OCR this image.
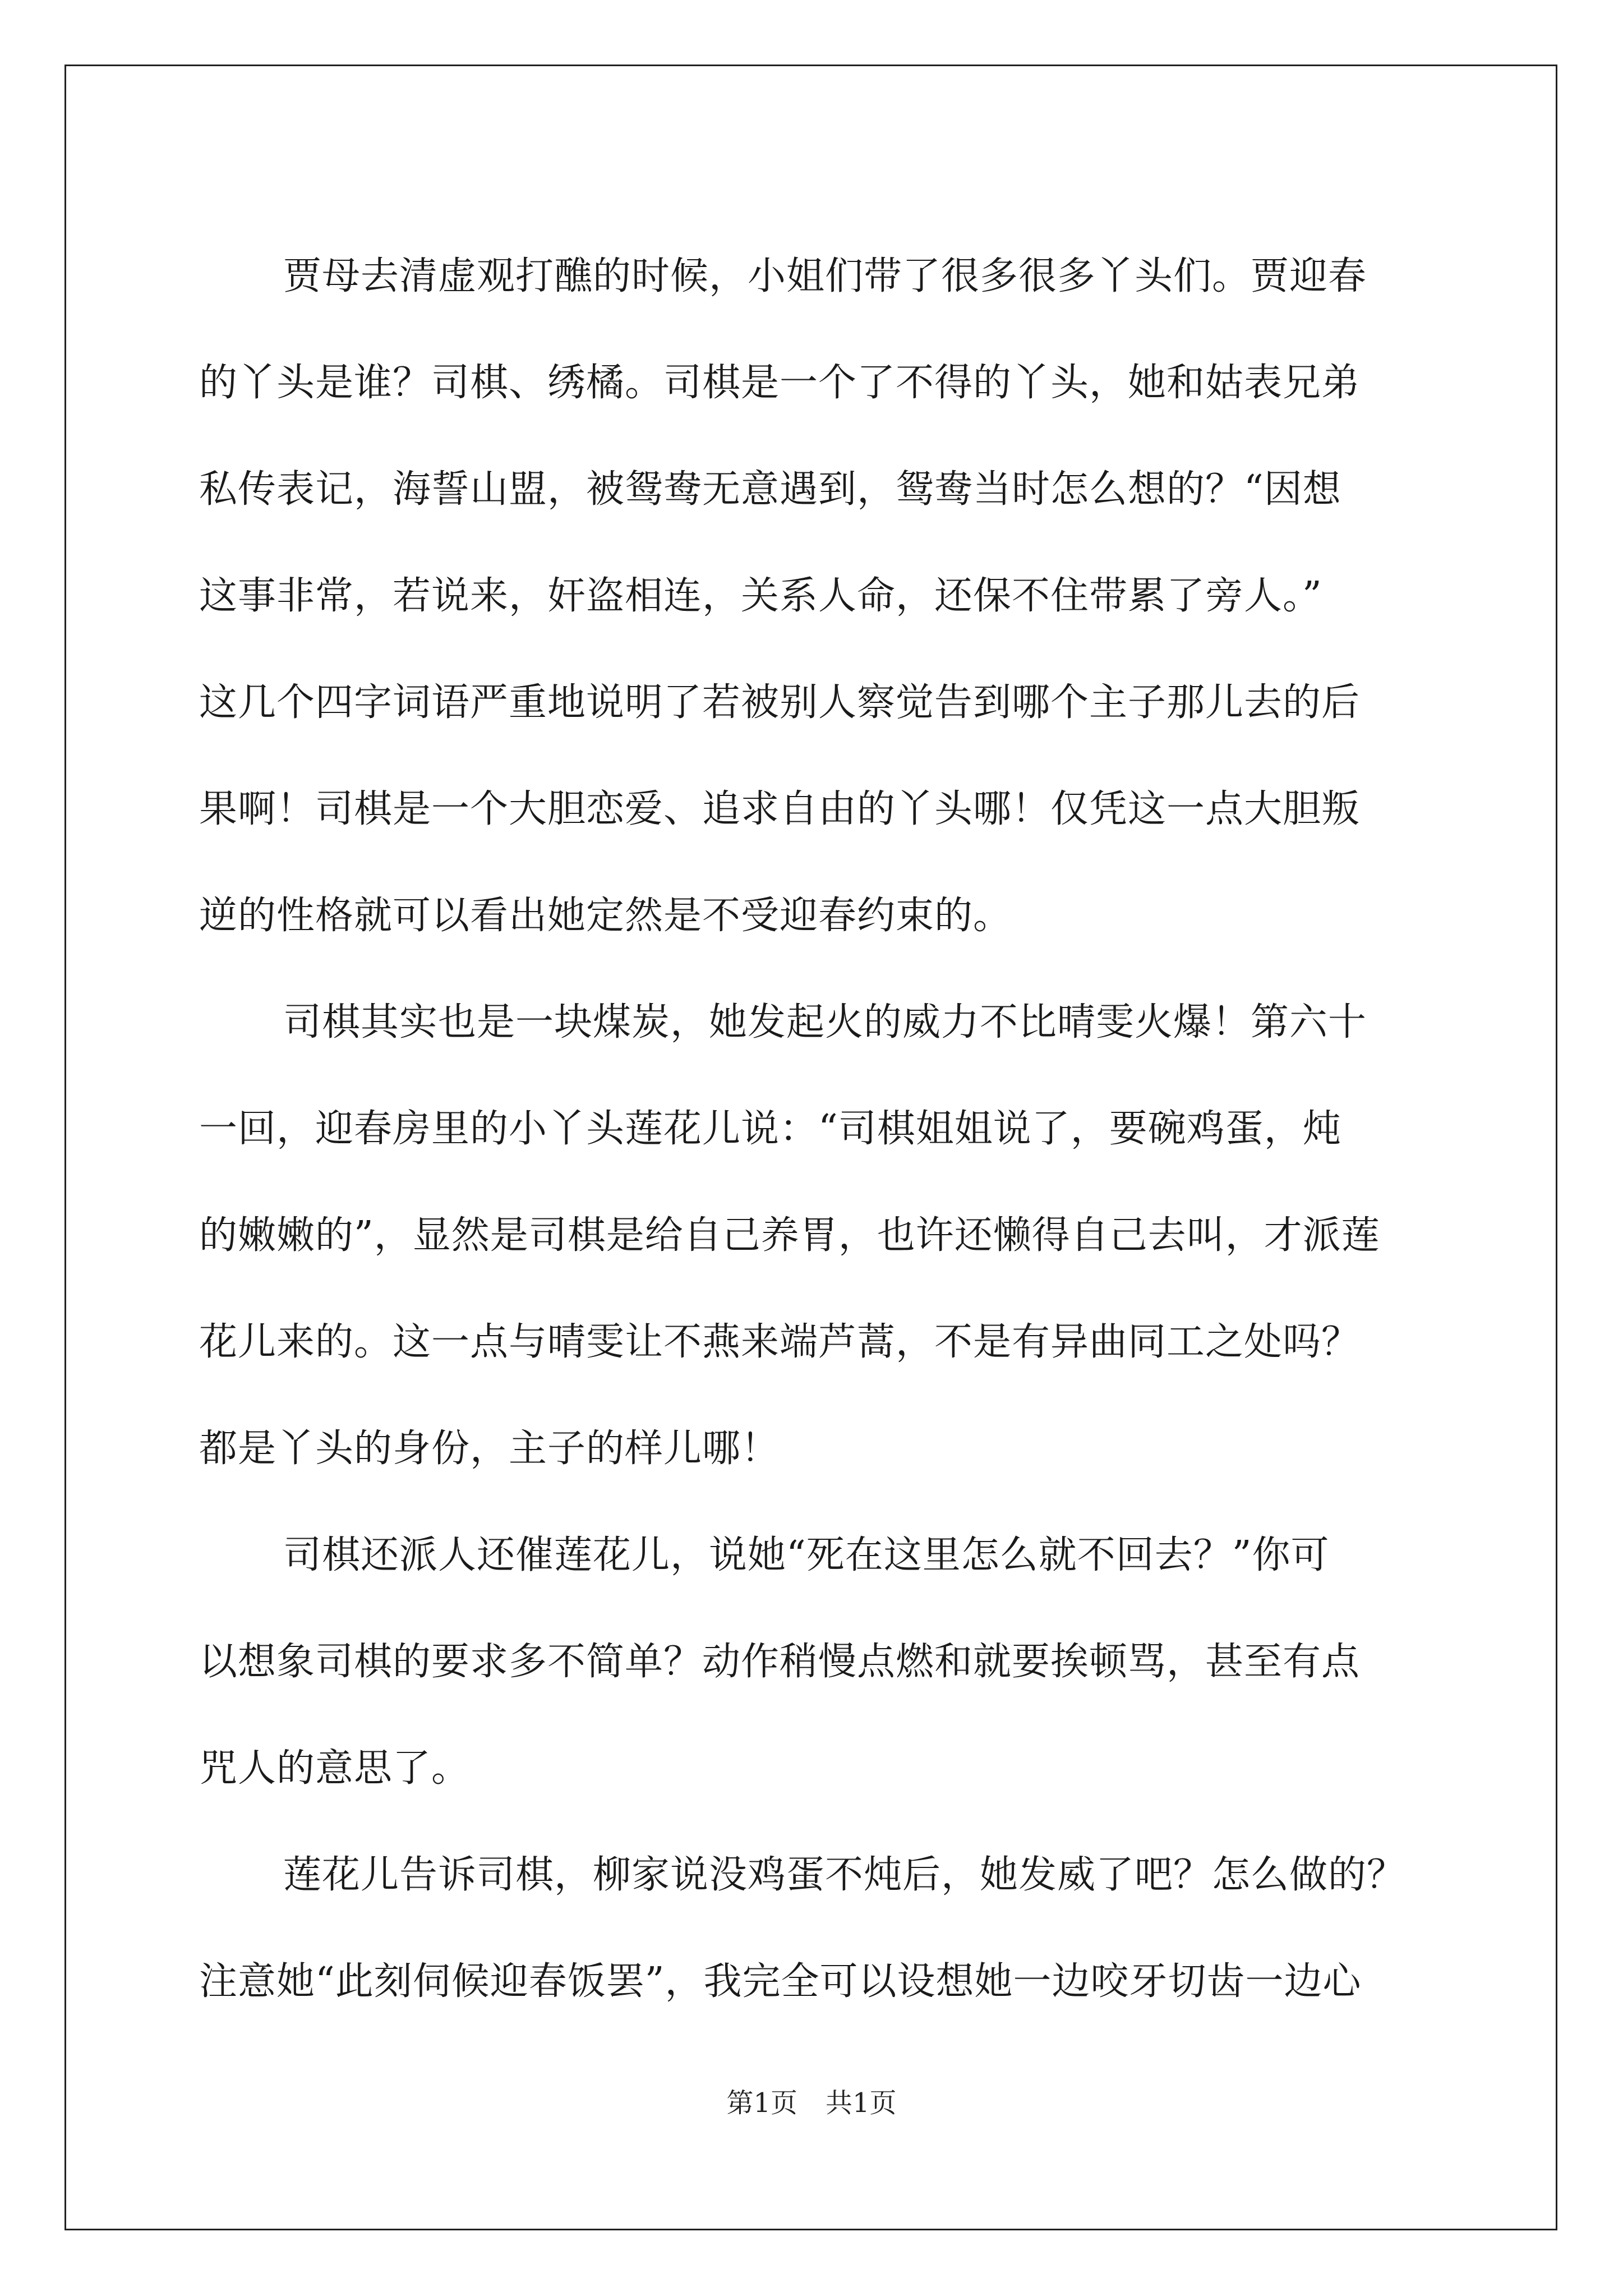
贾母去清虚观打醮的时候，小姐们带了很多很多丫头们。贾迎春
的丫头是谁？司棋、绣橘。司棋是一个了不得的丫头，她和姑表兄弟
私传表记，海誓山盟，被鸳鸯无意遇到，鸳鸯当时怎么想的？“因想
这事非常，若说来，奸盗相连，关系人命，还保不住带累了旁人。”
这几个四字词语严重地说明了若被别人察觉告到哪个主子那儿去的后
果啊！司棋是一个大胆恋爱、追求自由的丫头哪！仅凭这一点大胆叛
逆的性格就可以看出她定然是不受迎春约束的。
司棋其实也是一块煤炭，她发起火的威力不比晴雯火爆！第六十
一回，迎春房里的小丫头莲花儿说：“司棋姐姐说了，要碗鸡蛋，炖
的嫩嫩的”，显然是司棋是给自己养胃，也许还懒得自己去叫，才派莲
花儿来的。这一点与晴雯让不燕来端芦蒿，不是有异曲同工之处吗？
都是丫头的身份，主子的样儿哪！
司棋还派人还催莲花儿，说她“死在这里怎么就不回去？”你可
以想象司棋的要求多不简单？动作稍慢点燃和就要挨顿骂，甚至有点
咒人的意思了。
莲花儿告诉司棋，柳家说没鸡蛋不炖后，她发威了吧？怎么做的？
注意她“此刻伺候迎春饭罢”，我完全可以设想她一边咬牙切齿一边心
第1页 共1页
